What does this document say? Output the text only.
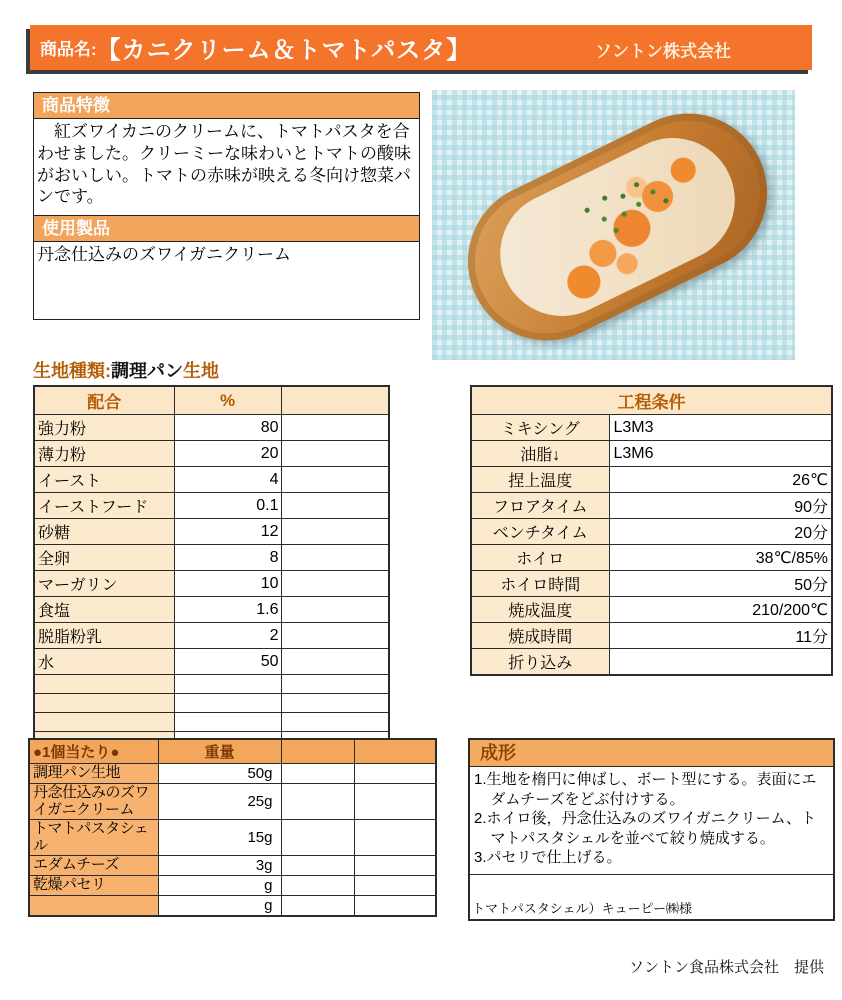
商品名: 【カニクリーム＆トマトパスタ】	ソントン株式会社
商品特徴
　紅ズワイカニのクリームに、トマトパスタを合わせました。クリーミーな味わいとトマトの酸味がおいしい。トマトの赤味が映える冬向け惣菜パンです。
使用製品
丹念仕込みのズワイガニクリーム
生地種類:調理パン生地
配合	%	
強力粉	80	
薄力粉	20	
イースト	4	
イーストフード	0.1	
砂糖	12	
全卵	8	
マーガリン	10	
食塩	1.6	
脱脂粉乳	2	
水	50	

工程条件	
ミキシング	L3M3
油脂↓	L3M6
捏上温度	26℃
フロアタイム	90分
ベンチタイム	20分
ホイロ	38℃/85%
ホイロ時間	50分
焼成温度	210/200℃
焼成時間	11分
折り込み	
●1個当たり●	重量		
調理パン生地	50g		
丹念仕込みのズワイガニクリーム	25g		
トマトパスタシェル	15g		
エダムチーズ	3g		
乾燥パセリ	g		
	g		
成形
1.生地を楕円に伸ばし、ボート型にする。表面にエダムチーズをどぶ付けする。
2.ホイロ後，丹念仕込みのズワイガニクリーム、トマトパスタシェルを並べて絞り焼成する。
3.パセリで仕上げる。
トマトパスタシェル）キューピー㈱様
ソントン食品株式会社　提供
